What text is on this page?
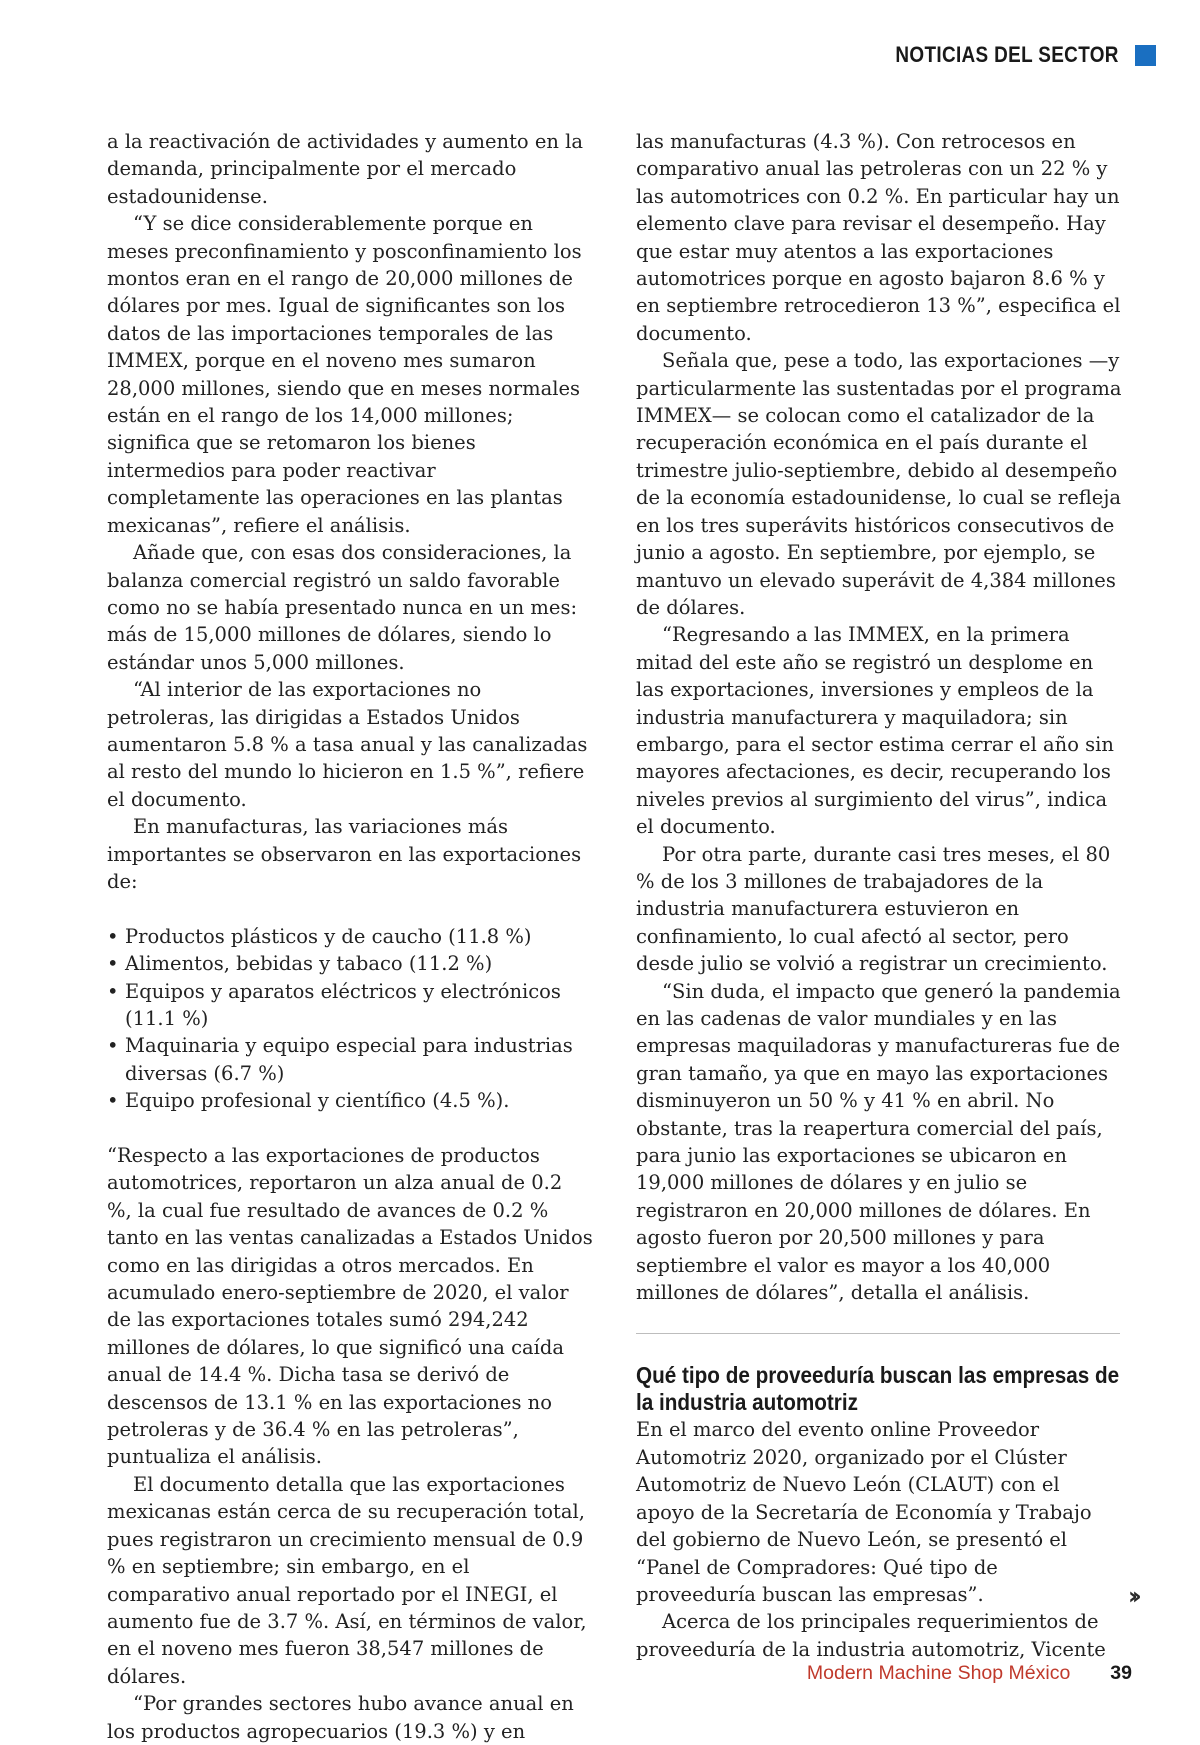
NOTICIAS DEL SECTOR

a la reactivación de actividades y aumento en la demanda, principalmente por el mercado estadounidense.

“Y se dice considerablemente porque en meses preconfinamiento y posconfinamiento los montos eran en el rango de 20,000 millones de dólares por mes. Igual de significantes son los datos de las importaciones temporales de las IMMEX, porque en el noveno mes sumaron 28,000 millones, siendo que en meses normales están en el rango de los 14,000 millones; significa que se retomaron los bienes intermedios para poder reactivar completamente las operaciones en las plantas mexicanas”, refiere el análisis.

Añade que, con esas dos consideraciones, la balanza comercial registró un saldo favorable como no se había presentado nunca en un mes: más de 15,000 millones de dólares, siendo lo estándar unos 5,000 millones.

“Al interior de las exportaciones no petroleras, las dirigidas a Estados Unidos aumentaron 5.8 % a tasa anual y las canalizadas al resto del mundo lo hicieron en 1.5 %”, refiere el documento.

En manufacturas, las variaciones más importantes se observaron en las exportaciones de:

• Productos plásticos y de caucho (11.8 %)
• Alimentos, bebidas y tabaco (11.2 %)
• Equipos y aparatos eléctricos y electrónicos (11.1 %)
• Maquinaria y equipo especial para industrias diversas (6.7 %)
• Equipo profesional y científico (4.5 %).

“Respecto a las exportaciones de productos automotrices, reportaron un alza anual de 0.2 %, la cual fue resultado de avances de 0.2 % tanto en las ventas canalizadas a Estados Unidos como en las dirigidas a otros mercados. En acumulado enero-septiembre de 2020, el valor de las exportaciones totales sumó 294,242 millones de dólares, lo que significó una caída anual de 14.4 %. Dicha tasa se derivó de descensos de 13.1 % en las exportaciones no petroleras y de 36.4 % en las petroleras”, puntualiza el análisis.

El documento detalla que las exportaciones mexicanas están cerca de su recuperación total, pues registraron un crecimiento mensual de 0.9 % en septiembre; sin embargo, en el comparativo anual reportado por el INEGI, el aumento fue de 3.7 %. Así, en términos de valor, en el noveno mes fueron 38,547 millones de dólares.

“Por grandes sectores hubo avance anual en los productos agropecuarios (19.3 %) y en

las manufacturas (4.3 %). Con retrocesos en comparativo anual las petroleras con un 22 % y las automotrices con 0.2 %. En particular hay un elemento clave para revisar el desempeño. Hay que estar muy atentos a las exportaciones automotrices porque en agosto bajaron 8.6 % y en septiembre retrocedieron 13 %”, especifica el documento.

Señala que, pese a todo, las exportaciones —y particularmente las sustentadas por el programa IMMEX— se colocan como el catalizador de la recuperación económica en el país durante el trimestre julio-septiembre, debido al desempeño de la economía estadounidense, lo cual se refleja en los tres superávits históricos consecutivos de junio a agosto. En septiembre, por ejemplo, se mantuvo un elevado superávit de 4,384 millones de dólares.

“Regresando a las IMMEX, en la primera mitad del este año se registró un desplome en las exportaciones, inversiones y empleos de la industria manufacturera y maquiladora; sin embargo, para el sector estima cerrar el año sin mayores afectaciones, es decir, recuperando los niveles previos al surgimiento del virus”, indica el documento.

Por otra parte, durante casi tres meses, el 80 % de los 3 millones de trabajadores de la industria manufacturera estuvieron en confinamiento, lo cual afectó al sector, pero desde julio se volvió a registrar un crecimiento.

“Sin duda, el impacto que generó la pandemia en las cadenas de valor mundiales y en las empresas maquiladoras y manufactureras fue de gran tamaño, ya que en mayo las exportaciones disminuyeron un 50 % y 41 % en abril. No obstante, tras la reapertura comercial del país, para junio las exportaciones se ubicaron en 19,000 millones de dólares y en julio se registraron en 20,000 millones de dólares. En agosto fueron por 20,500 millones y para septiembre el valor es mayor a los 40,000 millones de dólares”, detalla el análisis.

Qué tipo de proveeduría buscan las empresas de la industria automotriz

En el marco del evento online Proveedor Automotriz 2020, organizado por el Clúster Automotriz de Nuevo León (CLAUT) con el apoyo de la Secretaría de Economía y Trabajo del gobierno de Nuevo León, se presentó el “Panel de Compradores: Qué tipo de proveeduría buscan las empresas”.

Acerca de los principales requerimientos de proveeduría de la industria automotriz, Vicente

››
Modern Machine Shop México 39
